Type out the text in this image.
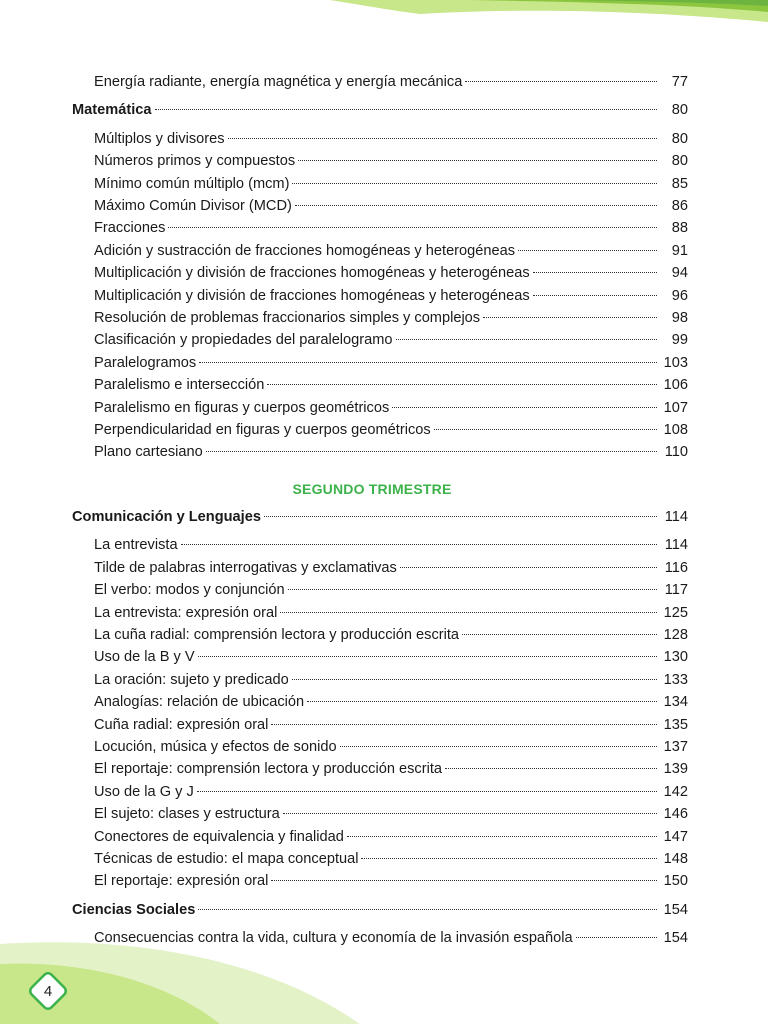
4
Energía radiante, energía magnética y energía mecánica	77
Matemática	80
Múltiplos y divisores	80
Números primos y compuestos	80
Mínimo común múltiplo (mcm)	85
Máximo Común Divisor (MCD)	86
Fracciones	88
Adición y sustracción de fracciones homogéneas y heterogéneas	91
Multiplicación y división de fracciones homogéneas y heterogéneas	94
Multiplicación y división de fracciones homogéneas y heterogéneas	96
Resolución de problemas fraccionarios simples y complejos	98
Clasificación y propiedades del paralelogramo	99
Paralelogramos	103
Paralelismo e intersección	106
Paralelismo en figuras y cuerpos geométricos	107
Perpendicularidad en figuras y cuerpos geométricos	108
Plano cartesiano	110
SEGUNDO TRIMESTRE
Comunicación y Lenguajes	114
La entrevista	114
Tilde de palabras interrogativas y exclamativas	116
El verbo: modos y conjunción	117
La entrevista: expresión oral	125
La cuña radial: comprensión lectora y producción escrita	128
Uso de la B y V	130
La oración: sujeto y predicado	133
Analogías: relación de ubicación	134
Cuña radial: expresión oral	135
Locución, música y efectos de sonido	137
El reportaje: comprensión lectora y producción escrita	139
Uso de la G y J	142
El sujeto: clases y estructura	146
Conectores de equivalencia y finalidad	147
Técnicas de estudio: el mapa conceptual	148
El reportaje: expresión oral	150
Ciencias Sociales	154
Consecuencias contra la vida, cultura y economía de la invasión española	154
